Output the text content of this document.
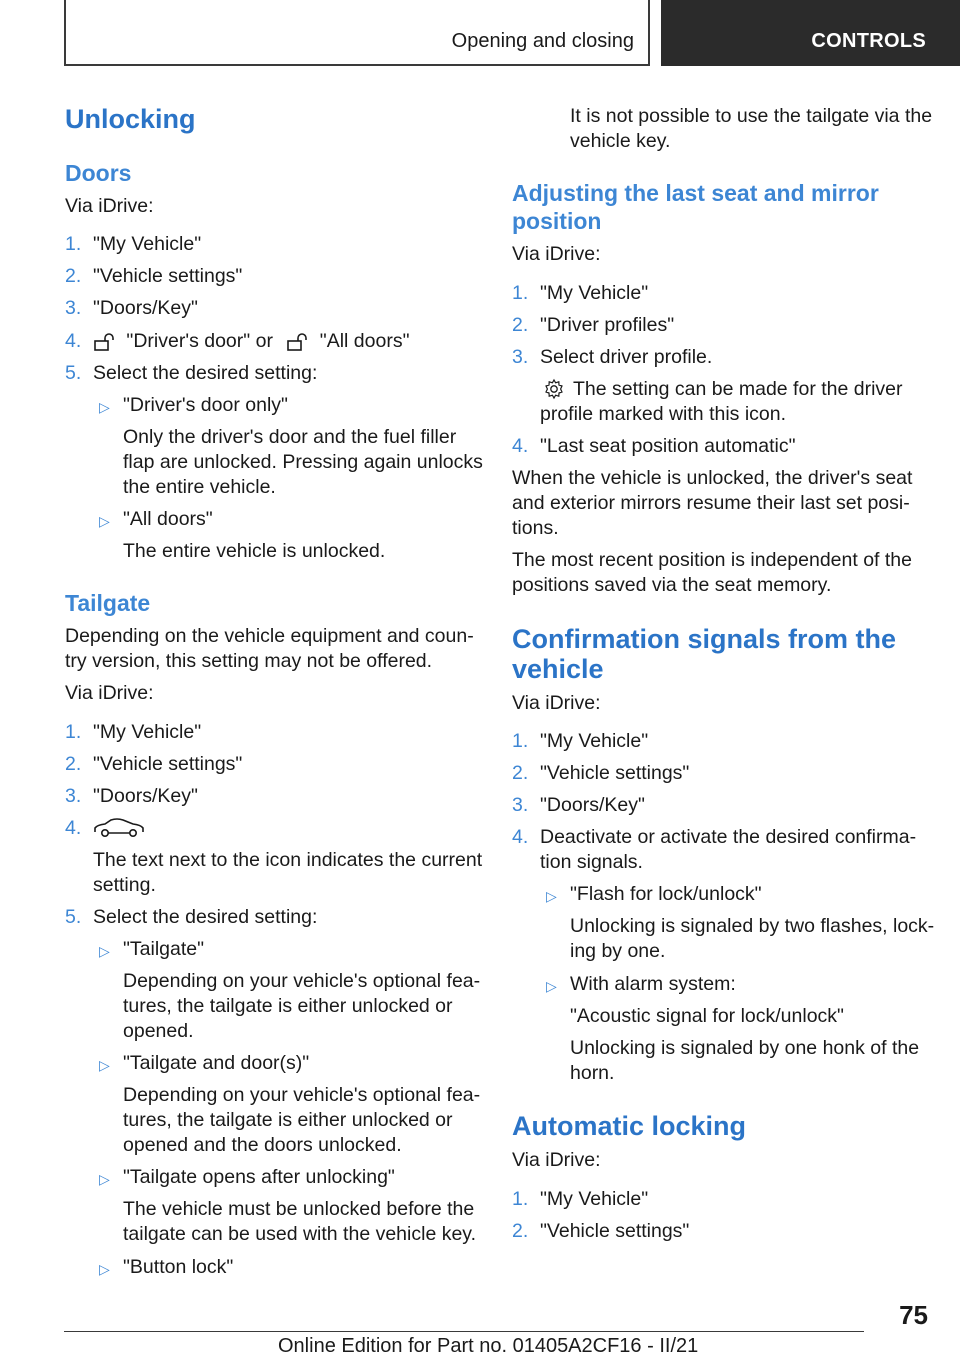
Opening and closing	CONTROLS
Unlocking
Doors
Via iDrive:
1. "My Vehicle"
2. "Vehicle settings"
3. "Doors/Key"
4.	"Driver's door" or "All doors"
5. Select the desired setting:
▷ "Driver's door only"
Only the driver's door and the fuel filler
flap are unlocked. Pressing again unlocks
the entire vehicle.
▷ "All doors"
The entire vehicle is unlocked.
Tailgate
Depending on the vehicle equipment and coun-
try version, this setting may not be offered.
Via iDrive:
1. "My Vehicle"
2. "Vehicle settings"
3. "Doors/Key"
4.
The text next to the icon indicates the current
setting.
5. Select the desired setting:
▷ "Tailgate"
Depending on your vehicle's optional fea-
tures, the tailgate is either unlocked or
opened.
▷ "Tailgate and door(s)"
Depending on your vehicle's optional fea-
tures, the tailgate is either unlocked or
opened and the doors unlocked.
▷ "Tailgate opens after unlocking"
The vehicle must be unlocked before the
tailgate can be used with the vehicle key.
▷ "Button lock"
It is not possible to use the tailgate via the
vehicle key.
Adjusting the last seat and mirror
position
Via iDrive:
1. "My Vehicle"
2. "Driver profiles"
3. Select driver profile.
The setting can be made for the driver
profile marked with this icon.
4. "Last seat position automatic"
When the vehicle is unlocked, the driver's seat
and exterior mirrors resume their last set posi-
tions.
The most recent position is independent of the
positions saved via the seat memory.
Confirmation signals from the
vehicle
Via iDrive:
1. "My Vehicle"
2. "Vehicle settings"
3. "Doors/Key"
4. Deactivate or activate the desired confirma-
tion signals.
▷ "Flash for lock/unlock"
Unlocking is signaled by two flashes, lock-
ing by one.
▷ With alarm system:
"Acoustic signal for lock/unlock"
Unlocking is signaled by one honk of the
horn.
Automatic locking
Via iDrive:
1. "My Vehicle"
2. "Vehicle settings"
75
Online Edition for Part no. 01405A2CF16 - II/21
